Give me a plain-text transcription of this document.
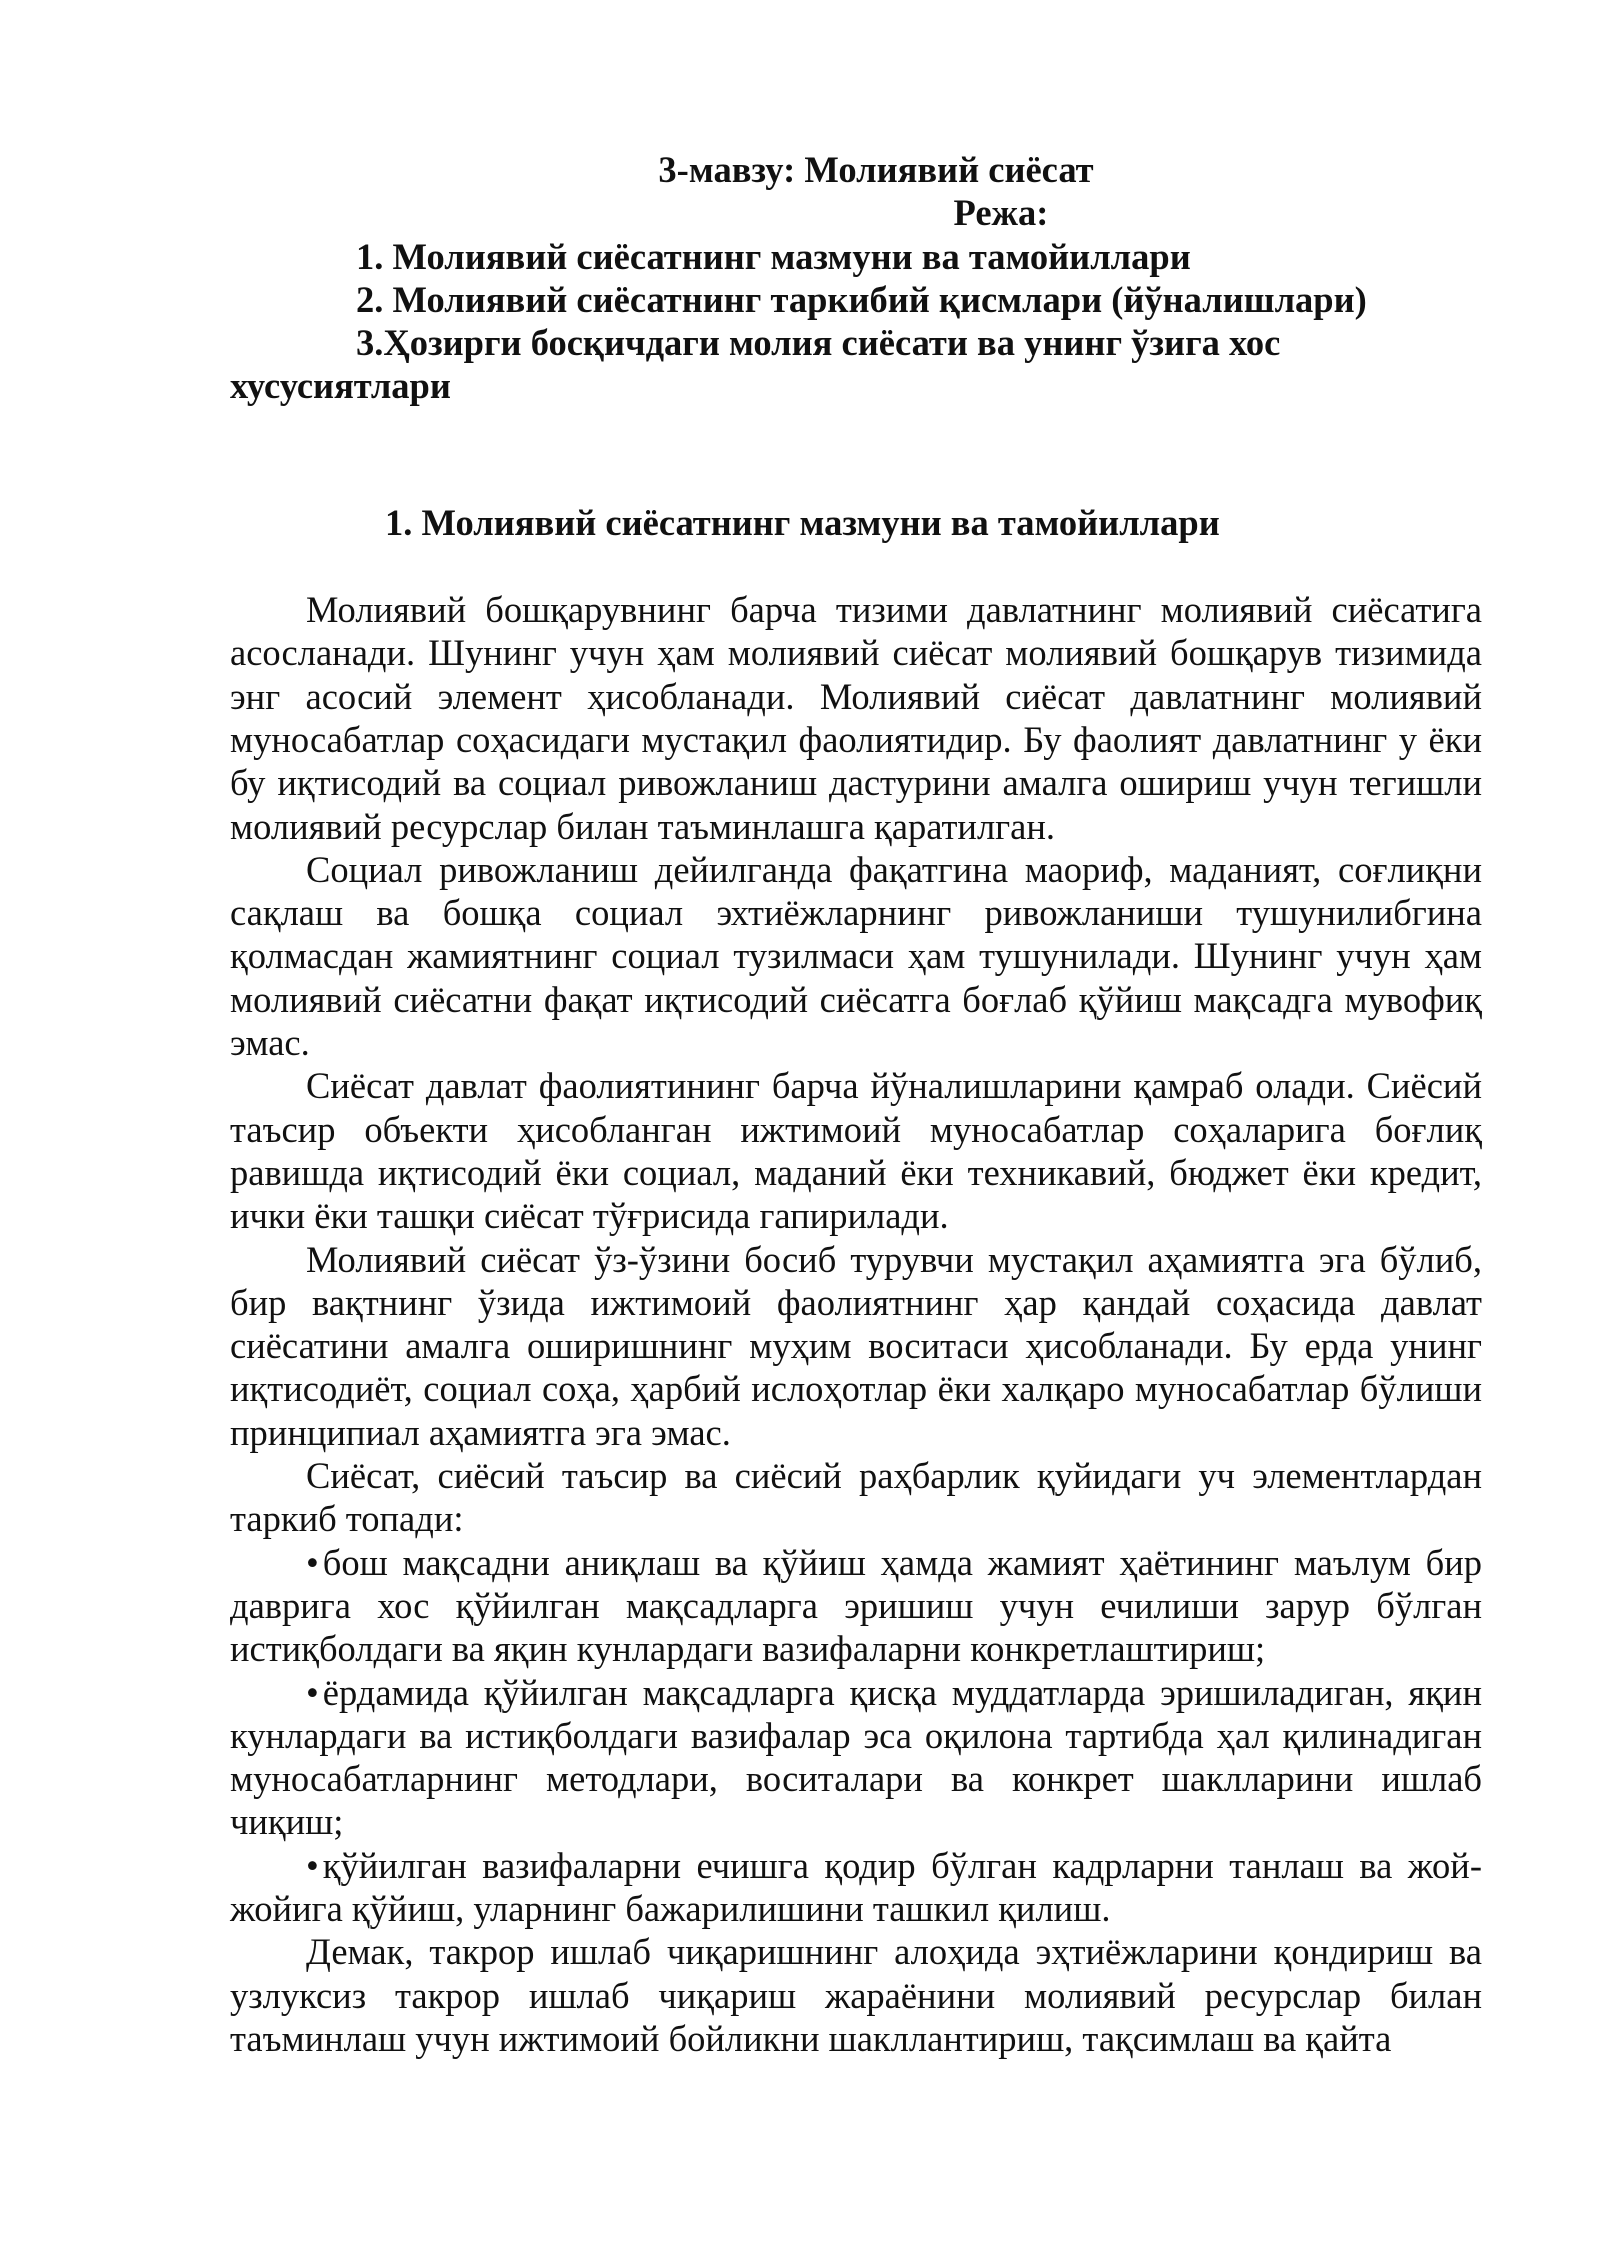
3-мавзу: Молиявий сиёсат

Режа:

1. Молиявий сиёсатнинг мазмуни ва тамойиллари
2. Молиявий сиёсатнинг таркибий қисмлари (йўналишлари)
3.Ҳозирги босқичдаги молия сиёсати ва унинг ўзига хос хусусиятлари

1. Молиявий сиёсатнинг мазмуни ва тамойиллари

Молиявий бошқарувнинг барча тизими давлатнинг молиявий сиёсатига асосланади. Шунинг учун ҳам молиявий сиёсат молиявий бошқарув тизимида энг асосий элемент ҳисобланади. Молиявий сиёсат давлатнинг молиявий муносабатлар соҳасидаги мустақил фаолиятидир. Бу фаолият давлатнинг у ёки бу иқтисодий ва социал ривожланиш дастурини амалга ошириш учун тегишли молиявий ресурслар билан таъминлашга қаратилган.

Социал ривожланиш дейилганда фақатгина маориф, маданият, соғлиқни сақлаш ва бошқа социал эхтиёжларнинг ривожланиши тушунилибгина қолмасдан жамиятнинг социал тузилмаси ҳам тушунилади. Шунинг учун ҳам молиявий сиёсатни фақат иқтисодий сиёсатга боғлаб қўйиш мақсадга мувофиқ эмас.

Сиёсат давлат фаолиятининг барча йўналишларини қамраб олади. Сиёсий таъсир объекти ҳисобланган ижтимоий муносабатлар соҳаларига боғлиқ равишда иқтисодий ёки социал, маданий ёки техникавий, бюджет ёки кредит, ички ёки ташқи сиёсат тўғрисида гапирилади.

Молиявий сиёсат ўз-ўзини босиб турувчи мустақил аҳамиятга эга бўлиб, бир вақтнинг ўзида ижтимоий фаолиятнинг ҳар қандай соҳасида давлат сиёсатини амалга оширишнинг муҳим воситаси ҳисобланади. Бу ерда унинг иқтисодиёт, социал соҳа, ҳарбий ислоҳотлар ёки халқаро муносабатлар бўлиши принципиал аҳамиятга эга эмас.

Сиёсат, сиёсий таъсир ва сиёсий раҳбарлик қуйидаги уч элементлардан таркиб топади:

• бош мақсадни аниқлаш ва қўйиш ҳамда жамият ҳаётининг маълум бир даврига хос қўйилган мақсадларга эришиш учун ечилиши зарур бўлган истиқболдаги ва яқин кунлардаги вазифаларни конкретлаштириш;

• ёрдамида қўйилган мақсадларга қисқа муддатларда эришиладиган, яқин кунлардаги ва истиқболдаги вазифалар эса оқилона тартибда ҳал қилинадиган муносабатларнинг методлари, воситалари ва конкрет шаклларини ишлаб чиқиш;

• қўйилган вазифаларни ечишга қодир бўлган кадрларни танлаш ва жой-жойига қўйиш, уларнинг бажарилишини ташкил қилиш.

Демак, такрор ишлаб чиқаришнинг алоҳида эҳтиёжларини қондириш ва узлуксиз такрор ишлаб чиқариш жараёнини молиявий ресурслар билан таъминлаш учун ижтимоий бойликни шакллантириш, тақсимлаш ва қайта
